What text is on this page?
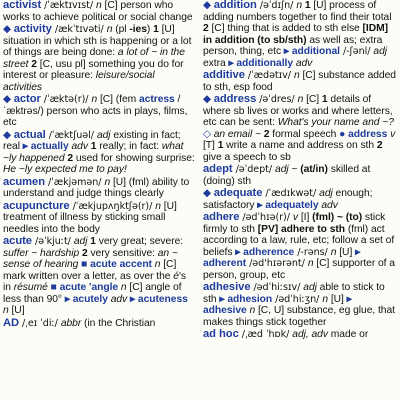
activist /ˈæktɪvɪst/ n [C] person who works to achieve political or social change
◆ activity /ækˈtɪvəti/ n (pl -ies) 1 [U] situation in which sth is happening or a lot of things are being done: a lot of ~ in the street 2 [C, usu pl] something you do for interest or pleasure: leisure/social activities
◆ actor /ˈæktə(r)/ n [C] (fem actress /ˈæktrəs/) person who acts in plays, films, etc
◆ actual /ˈæktʃuəl/ adj existing in fact; real ▸ actually adv 1 really; in fact: what ~ly happened 2 used for showing surprise: He ~ly expected me to pay!
acumen /ˈækjəmən/ n [U] (fml) ability to understand and judge things clearly
acupuncture /ˈækjupʌŋktʃə(r)/ n [U] treatment of illness by sticking small needles into the body
acute /əˈkjuːt/ adj 1 very great; severe: suffer ~ hardship 2 very sensitive: an ~ sense of hearing ■ acute accent n [C] mark written over a letter, as over the é's in résumé ■ acute 'angle n [C] angle of less than 90° ▸ acutely adv ▸ acuteness n [U]
AD /ˌeɪ ˈdiː/ abbr (in the Christian
◆ addition /əˈdɪʃn/ n 1 [U] process of adding numbers together to find their total 2 [C] thing that is added to sth else [IDM] in addition (to sb/sth) as well as; extra person, thing, etc ▸ additional /-ʃənl/ adj extra ▸ additionally adv
additive /ˈædətɪv/ n [C] substance added to sth, esp food
◆ address /əˈdres/ n [C] 1 details of where sb lives or works and where letters, etc can be sent: What's your name and ~? ◇ an email ~ 2 formal speech ● address v [T] 1 write a name and address on sth 2 give a speech to sb
adept /əˈdept/ adj ~ (at/in) skilled at (doing) sth
◆ adequate /ˈædɪkwət/ adj enough; satisfactory ▸ adequately adv
adhere /ədˈhɪə(r)/ v [I] (fml) ~ (to) stick firmly to sth [PV] adhere to sth (fml) act according to a law, rule, etc; follow a set of beliefs ▸ adherence /-rəns/ n [U] ▸ adherent /əd'hɪərənt/ n [C] supporter of a person, group, etc
adhesive /ədˈhiːsɪv/ adj able to stick to sth ▸ adhesion /ədˈhiːʒn/ n [U] ▸ adhesive n [C, U] substance, eg glue, that makes things stick together
ad hoc /ˌæd ˈhɒk/ adj, adv made or
